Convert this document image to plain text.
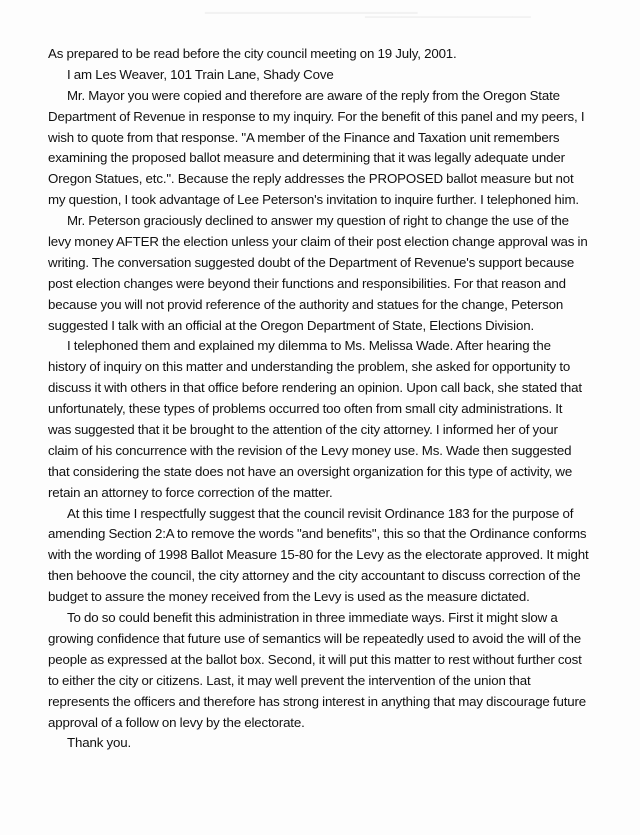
As prepared to be read before the city council meeting on 19 July, 2001.
I am Les Weaver, 101 Train Lane, Shady Cove
Mr. Mayor you were copied and therefore are aware of the reply from the Oregon State
Department of Revenue in response to my inquiry. For the benefit of this panel and my peers, I
wish to quote from that response. "A member of the Finance and Taxation unit remembers
examining the proposed ballot measure and determining that it was legally adequate under
Oregon Statues, etc.". Because the reply addresses the PROPOSED ballot measure but not
my question, I took advantage of Lee Peterson's invitation to inquire further. I telephoned him.
Mr. Peterson graciously declined to answer my question of right to change the use of the
levy money AFTER the election unless your claim of their post election change approval was in
writing. The conversation suggested doubt of the Department of Revenue's support because
post election changes were beyond their functions and responsibilities. For that reason and
because you will not provid reference of the authority and statues for the change, Peterson
suggested I talk with an official at the Oregon Department of State, Elections Division.
I telephoned them and explained my dilemma to Ms. Melissa Wade. After hearing the
history of inquiry on this matter and understanding the problem, she asked for opportunity to
discuss it with others in that office before rendering an opinion. Upon call back, she stated that
unfortunately, these types of problems occurred too often from small city administrations. It
was suggested that it be brought to the attention of the city attorney. I informed her of your
claim of his concurrence with the revision of the Levy money use. Ms. Wade then suggested
that considering the state does not have an oversight organization for this type of activity, we
retain an attorney to force correction of the matter.
At this time I respectfully suggest that the council revisit Ordinance 183 for the purpose of
amending Section 2:A to remove the words "and benefits", this so that the Ordinance conforms
with the wording of 1998 Ballot Measure 15-80 for the Levy as the electorate approved. It might
then behoove the council, the city attorney and the city accountant to discuss correction of the
budget to assure the money received from the Levy is used as the measure dictated.
To do so could benefit this administration in three immediate ways. First it might slow a
growing confidence that future use of semantics will be repeatedly used to avoid the will of the
people as expressed at the ballot box. Second, it will put this matter to rest without further cost
to either the city or citizens. Last, it may well prevent the intervention of the union that
represents the officers and therefore has strong interest in anything that may discourage future
approval of a follow on levy by the electorate.
Thank you.
